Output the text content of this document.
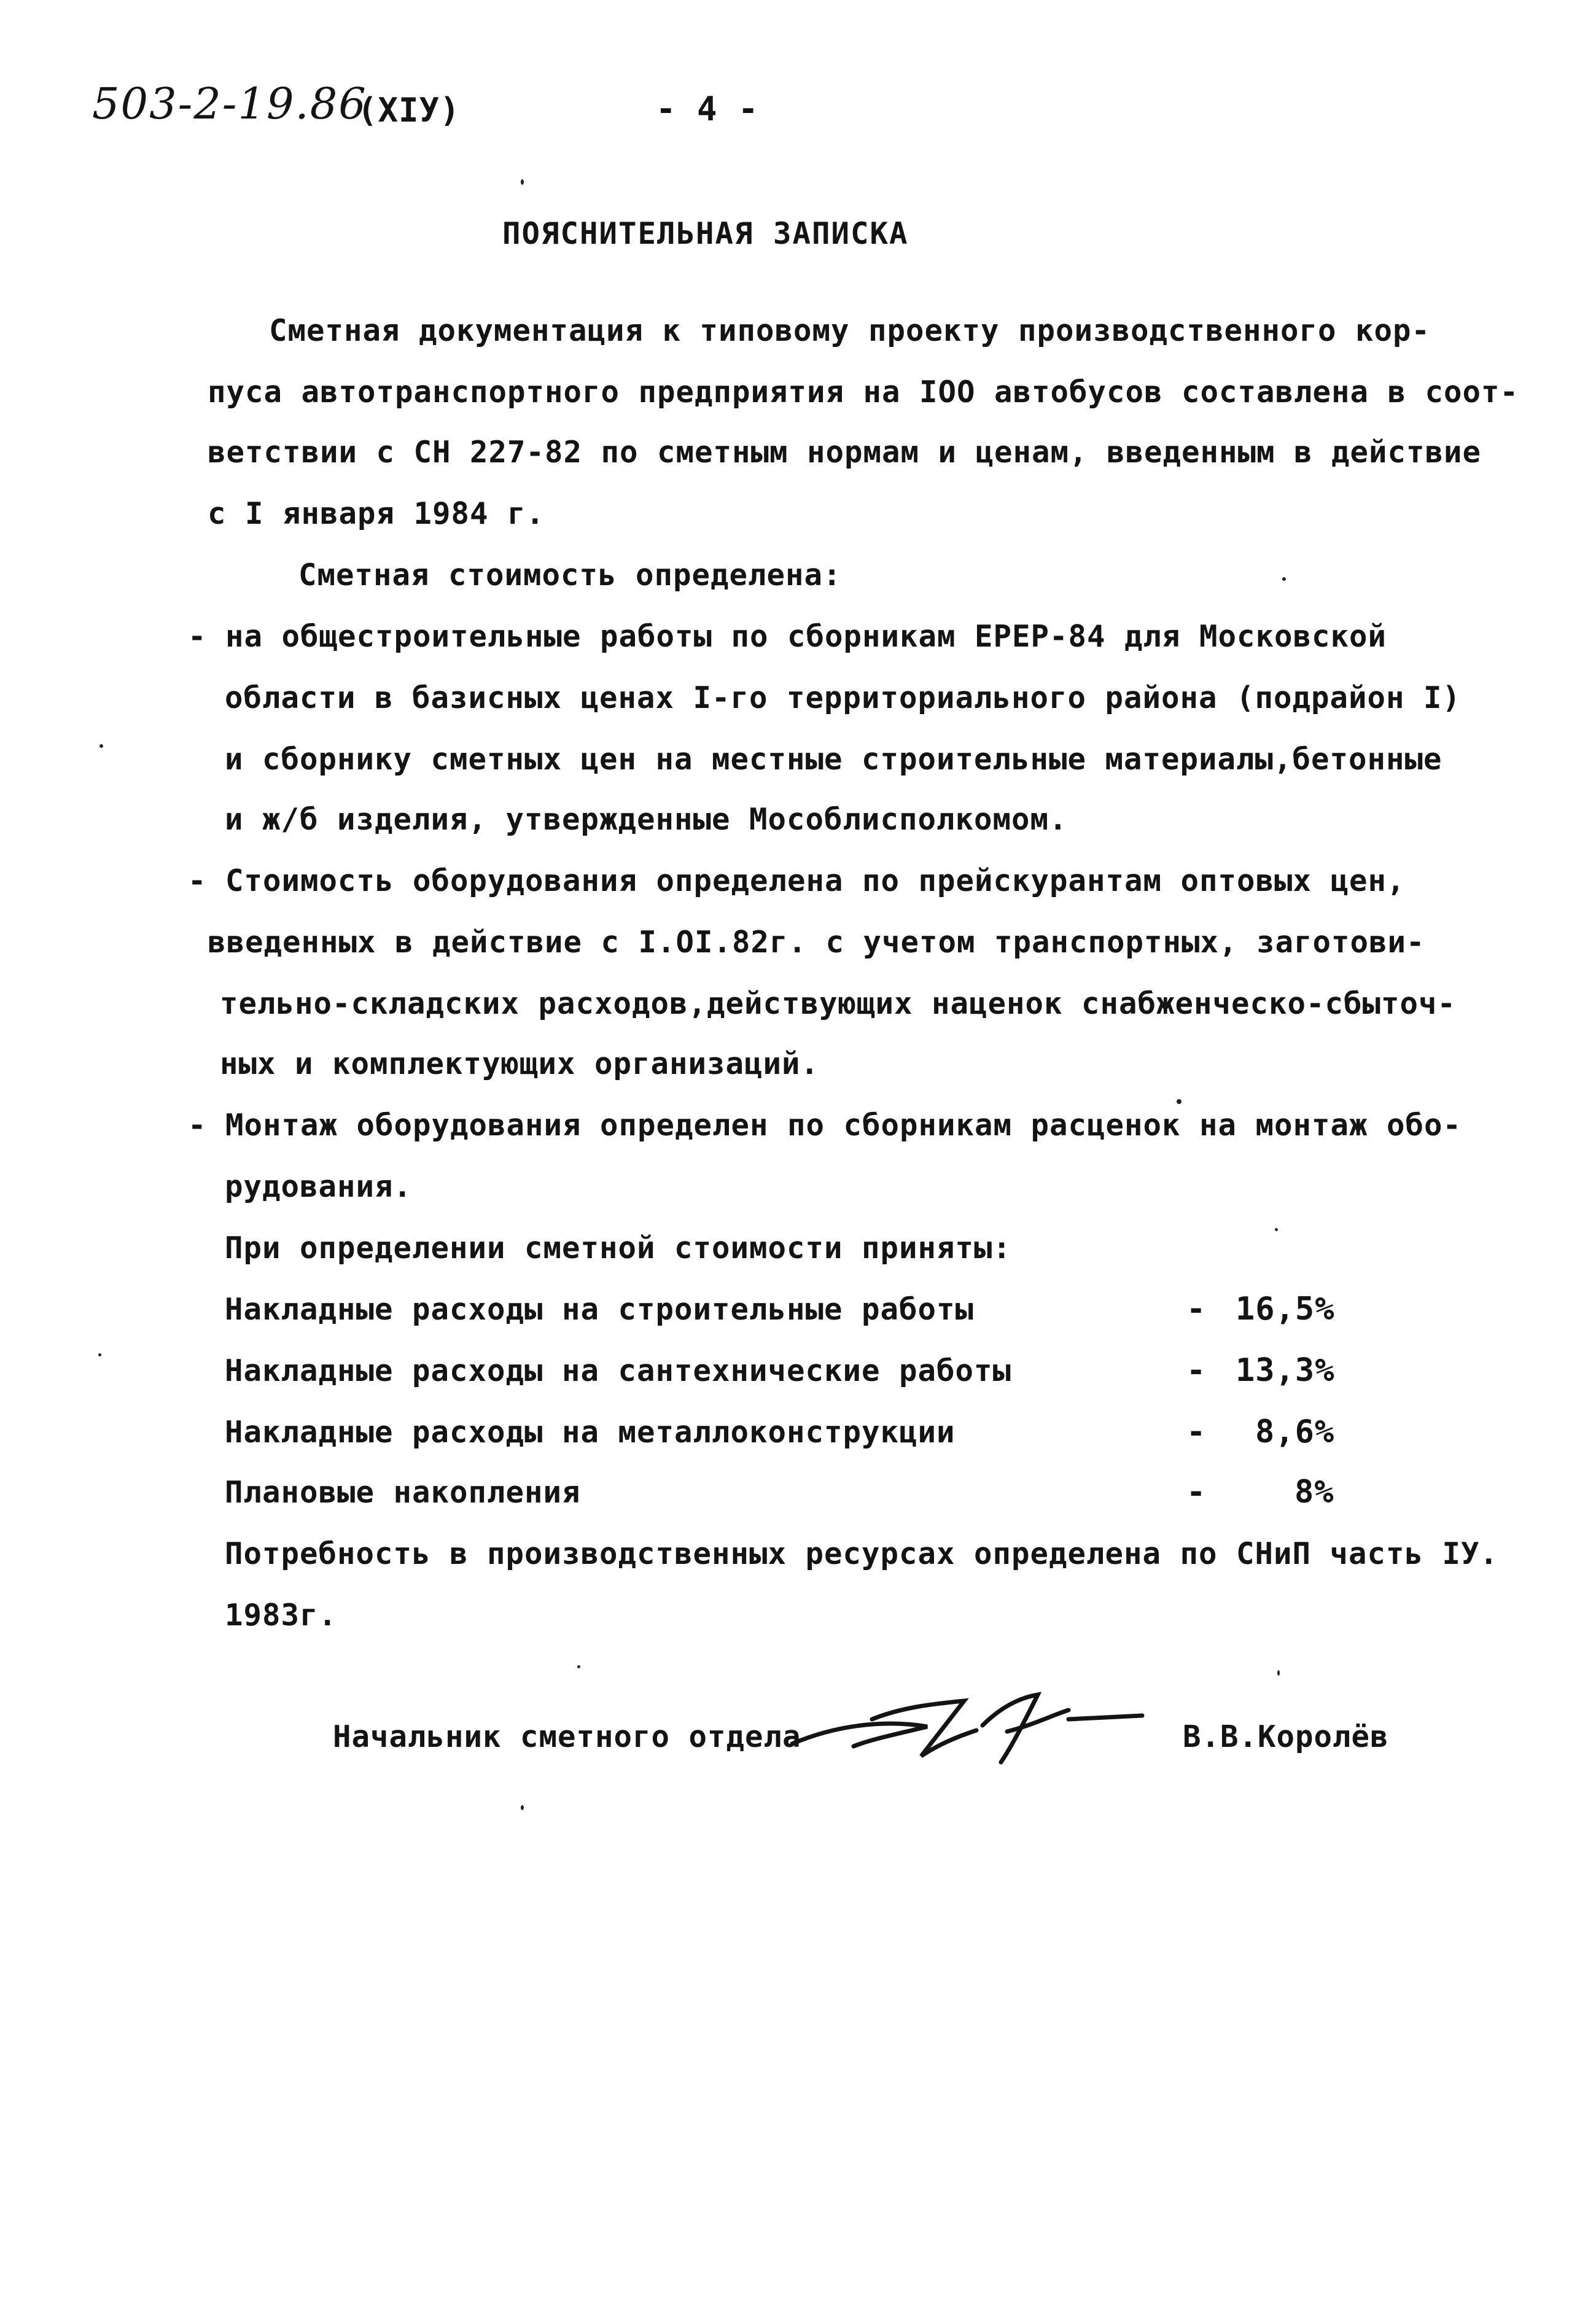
503-2-19.86
(XIУ)	- 4 -
ПОЯСНИТЕЛЬНАЯ ЗАПИСКА
Сметная документация к типовому проекту производственного кор-
пуса автотранспортного предприятия на IOO автобусов составлена в соот-
ветствии с СН 227-82 по сметным нормам и ценам, введенным в действие
с I января 1984 г.
Сметная стоимость определена:
- на общестроительные работы по сборникам ЕРЕР-84 для Московской
области в базисных ценах I-го территориального района (подрайон I)
и сборнику сметных цен на местные строительные материалы,бетонные
и ж/б изделия, утвержденные Мособлисполкомом.
- Стоимость оборудования определена по прейскурантам оптовых цен,
введенных в действие с I.OI.82г. с учетом транспортных, заготови-
тельно-складских расходов,действующих наценок снабженческо-сбыточ-
ных и комплектующих организаций.
- Монтаж оборудования определен по сборникам расценок на монтаж обо-
рудования.
При определении сметной стоимости приняты:
Накладные расходы на строительные работы	- 16,5%
Накладные расходы на сантехнические работы	- 13,3%
Накладные расходы на металлоконструкции	- 8,6%
Плановые накопления	-	8%
Потребность в производственных ресурсах определена по СНиП часть IУ.
1983г.
Начальник сметного отдела	В.В.Королёв
